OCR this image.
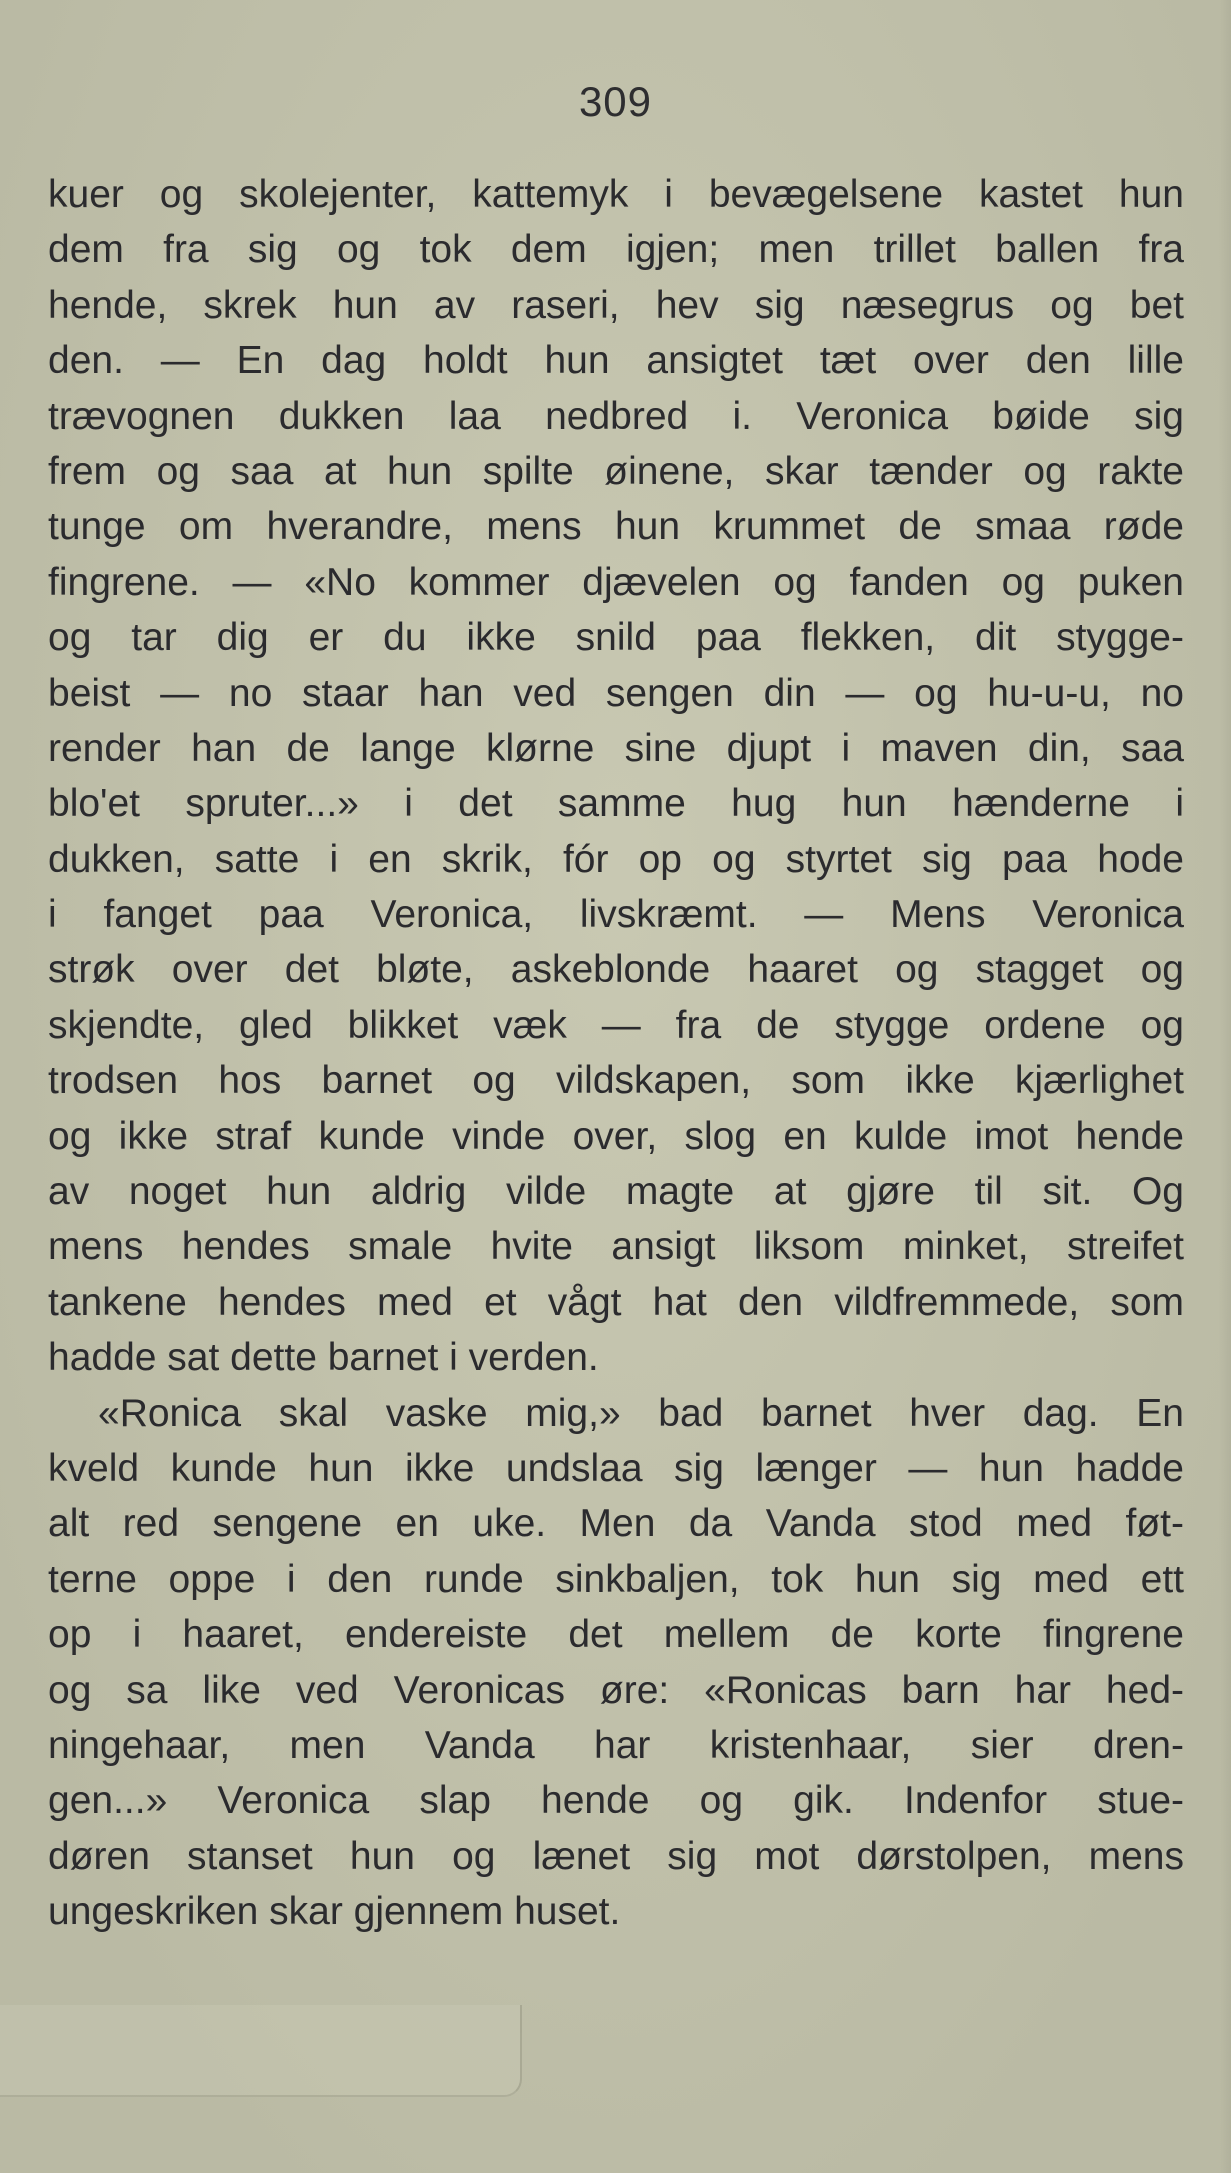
309
kuer og skolejenter, kattemyk i bevægelsene kastet hun
dem fra sig og tok dem igjen; men trillet ballen fra
hende, skrek hun av raseri, hev sig næsegrus og bet
den. — En dag holdt hun ansigtet tæt over den lille
trævognen dukken laa nedbred i. Veronica bøide sig
frem og saa at hun spilte øinene, skar tænder og rakte
tunge om hverandre, mens hun krummet de smaa røde
fingrene. — «No kommer djævelen og fanden og puken
og tar dig er du ikke snild paa flekken, dit stygge-
beist — no staar han ved sengen din — og hu-u-u, no
render han de lange klørne sine djupt i maven din, saa
blo'et spruter...» i det samme hug hun hænderne i
dukken, satte i en skrik, fór op og styrtet sig paa hode
i fanget paa Veronica, livskræmt. — Mens Veronica
strøk over det bløte, askeblonde haaret og stagget og
skjendte, gled blikket væk — fra de stygge ordene og
trodsen hos barnet og vildskapen, som ikke kjærlighet
og ikke straf kunde vinde over, slog en kulde imot hende
av noget hun aldrig vilde magte at gjøre til sit. Og
mens hendes smale hvite ansigt liksom minket, streifet
tankene hendes med et vågt hat den vildfremmede, som
hadde sat dette barnet i verden.
«Ronica skal vaske mig,» bad barnet hver dag. En
kveld kunde hun ikke undslaa sig længer — hun hadde
alt red sengene en uke. Men da Vanda stod med føt-
terne oppe i den runde sinkbaljen, tok hun sig med ett
op i haaret, endereiste det mellem de korte fingrene
og sa like ved Veronicas øre: «Ronicas barn har hed-
ningehaar, men Vanda har kristenhaar, sier dren-
gen...» Veronica slap hende og gik. Indenfor stue-
døren stanset hun og lænet sig mot dørstolpen, mens
ungeskriken skar gjennem huset.
